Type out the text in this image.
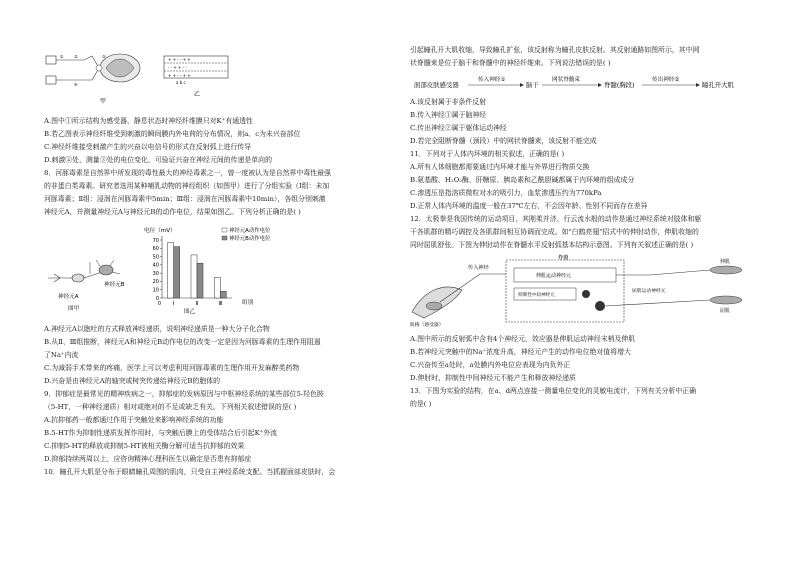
①	②
④
③
甲
+ + - - + +
- - + + - -
+ + - - + +
a b c
乙
A.图中①所示结构为感受器，静息状态时神经纤维膜只对K⁺有通透性
B.若乙图表示神经纤维受到刺激的瞬间膜内外电荷的分布情况，则a、c为未兴奋部位
C.神经纤维接受刺激产生的兴奋以电信号的形式在反射弧上进行传导
D.刺激④处，测量③处的电位变化，可验证兴奋在神经元间的传递是单向的
8．河豚毒素是自然界中所发现的毒性最大的神经毒素之一，曾一度被认为是自然界中毒性最强
的非蛋白类毒素。研究者选用某种哺乳动物的神经组织（如图甲）进行了分组实验（Ⅰ组：未加
河豚毒素；Ⅱ组：浸润在河豚毒素中5min；Ⅲ组：浸润在河豚毒素中10min），各组分别刺激
神经元A，并测量神经元A与神经元B的动作电位，结果如图乙。下列分析正确的是( )
神经元A
神经元B
图甲
电位（mV）
组别
图乙
神经元A动作电位
神经元B动作电位
0
10
20
30
40
50
60
70
Ⅰ	Ⅱ	Ⅲ
0
A.神经元A以胞吐的方式释放神经递质，说明神经递质是一种大分子化合物
B.从Ⅱ、Ⅲ组推断，神经元A和神经元B动作电位的改变一定是因为河豚毒素的生理作用阻遏
了Na⁺内流
C.为减弱手术带来的疼痛，医学上可以考虑利用河豚毒素的生理作用开发麻醉类药物
D.兴奋是由神经元A的轴突或树突传递给神经元B的胞体的
9．抑郁症是最常见的精神疾病之一，抑郁症的发病原因与中枢神经系统的某些部位5-羟色胺
（5-HT，一种神经递质）相对或绝对的不足或缺乏有关。下列相关叙述错误的是( )
A.抗抑郁药一般都通过作用于突触处来影响神经系统的功能
B.5-HT作为抑制性递质发挥作用时，与突触后膜上的受体结合后引起K⁺外流
C.抑制5-HT的释放或抑制5-HT被相关酶分解可适当抗抑郁的效果
D.抑郁持续两周以上，应咨询精神心理科医生以确定是否患有抑郁症
10．瞳孔开大肌是分布于眼睛瞳孔周围的肌肉，只受自主神经系统支配。当抓握面部皮肤时，会
引起瞳孔开大肌收缩，导致瞳孔扩张，该反射称为瞳孔皮肤反射。其反射通路如图所示，其中网
状脊髓束是位于脑干和脊髓中的神经纤维束。下列说法错误的是( )
面部皮肤感受器
传入神经①
脑干
网状脊髓束
脊髓(胸段)
传出神经②
瞳孔开大肌
A.该反射属于非条件反射
B.传入神经①属于脑神经
C.传出神经②属于躯体运动神经
D.若完全阻断脊髓（颈段）中的网状脊髓束，该反射不能完成
11．下列对于人体内环境的相关叙述，正确的是( )
A.所有人体细胞都需要通过内环境才能与外界进行物质交换
B.氨基酸、H₂O₂酶、肝糖原、胰岛素和乙酰胆碱都属于内环境的组成成分
C.渗透压是指溶质微粒对水的吸引力，血浆渗透压约为770kPa
D.正常人体内环境的温度一般在37℃左右，不会因年龄、性别不同而存在差异
12．太极拳是我国传统的运动项目，其刚柔并济、行云流水般的动作是通过神经系统对肢体和躯
干各肌群的精巧调控及各肌群间相互协调而完成。如"白鹤亮翅"招式中的伸肘动作，伸肌收缩的
同时屈肌舒张。下图为伸肘动作在脊髓水平反射弧基本结构示意图。下列有关叙述正确的是( )
肌梭（感受器）
传入神经
脊髓
伸肌运动神经元
抑制性中间神经元
屈肌运动神经元
伸肌
屈肌
A.图中所示的反射弧中含有4个神经元，效应器是伸肌运动神经末梢及伸肌
B.若神经元突触中的Na⁺浓度升高，神经元产生的动作电位绝对值将增大
C.兴奋传至a处时，a处膜内外电位应表现为内负外正
D.伸肘时，抑制性中间神经元不能产生和释放神经递质
13．下图为实验的结构，在a、d两点连接一测量电位变化的灵敏电流计，下列有关分析中正确
的是( )
